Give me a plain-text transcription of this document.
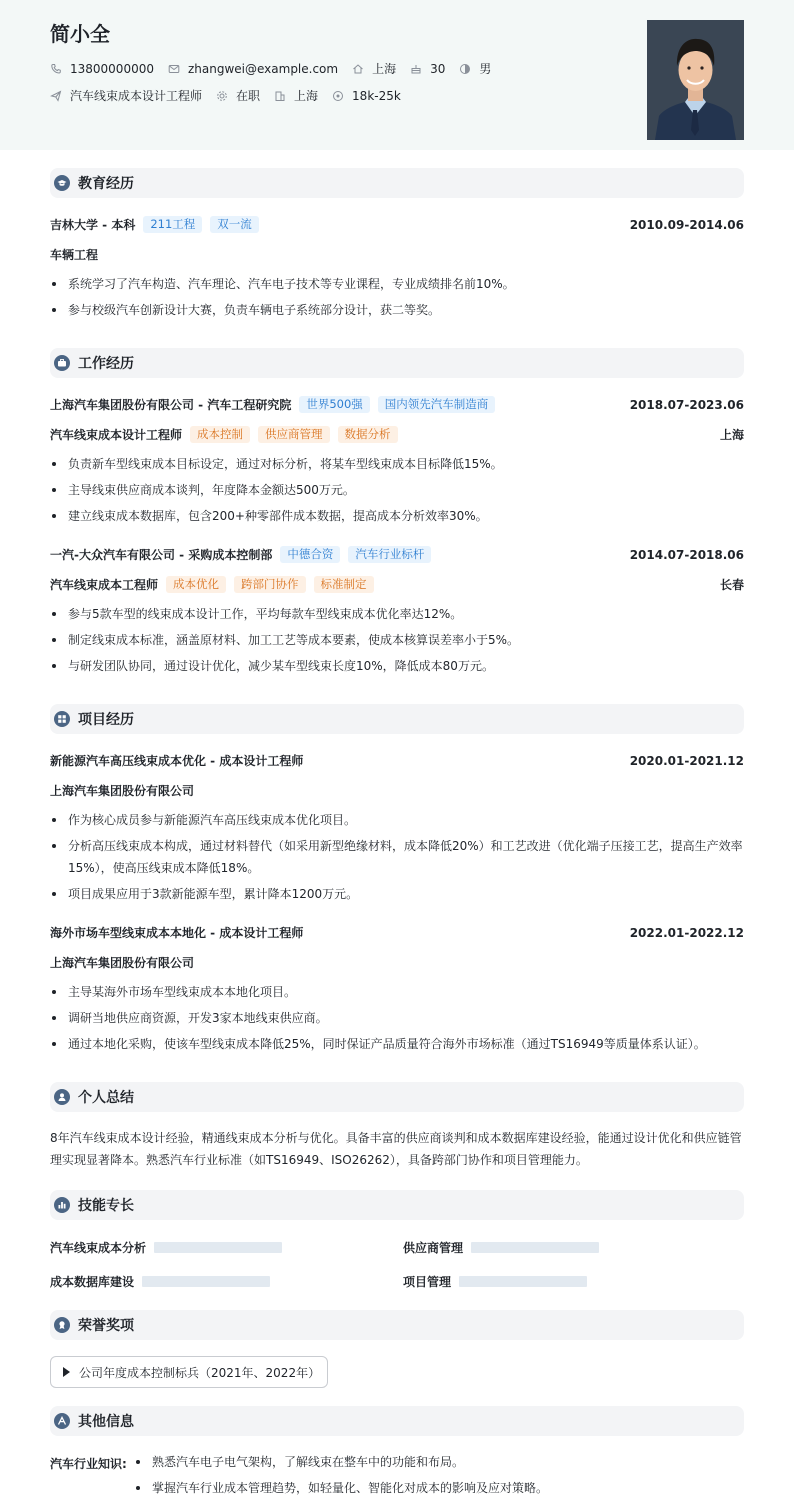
简小全
13800000000	zhangwei@example.com	上海	30	男
汽车线束成本设计工程师	在职	上海	18k-25k
教育经历
吉林大学 - 本科	211工程	双一流	2010.09-2014.06
车辆工程
系统学习了汽车构造、汽车理论、汽车电子技术等专业课程，专业成绩排名前10%。
参与校级汽车创新设计大赛，负责车辆电子系统部分设计，获二等奖。
工作经历
上海汽车集团股份有限公司 - 汽车工程研究院	世界500强	国内领先汽车制造商	2018.07-2023.06
汽车线束成本设计工程师	成本控制	供应商管理	数据分析	上海
负责新车型线束成本目标设定，通过对标分析，将某车型线束成本目标降低15%。
主导线束供应商成本谈判，年度降本金额达500万元。
建立线束成本数据库，包含200+种零部件成本数据，提高成本分析效率30%。
一汽-大众汽车有限公司 - 采购成本控制部	中德合资	汽车行业标杆	2014.07-2018.06
汽车线束成本工程师	成本优化	跨部门协作	标准制定	长春
参与5款车型的线束成本设计工作，平均每款车型线束成本优化率达12%。
制定线束成本标准，涵盖原材料、加工工艺等成本要素，使成本核算误差率小于5%。
与研发团队协同，通过设计优化，减少某车型线束长度10%，降低成本80万元。
项目经历
新能源汽车高压线束成本优化 - 成本设计工程师	2020.01-2021.12
上海汽车集团股份有限公司
作为核心成员参与新能源汽车高压线束成本优化项目。
分析高压线束成本构成，通过材料替代（如采用新型绝缘材料，成本降低20%）和工艺改进（优化端子压接工艺，提高生产效率15%），使高压线束成本降低18%。
项目成果应用于3款新能源车型，累计降本1200万元。
海外市场车型线束成本本地化 - 成本设计工程师	2022.01-2022.12
上海汽车集团股份有限公司
主导某海外市场车型线束成本本地化项目。
调研当地供应商资源，开发3家本地线束供应商。
通过本地化采购，使该车型线束成本降低25%，同时保证产品质量符合海外市场标准（通过TS16949等质量体系认证）。
个人总结
8年汽车线束成本设计经验，精通线束成本分析与优化。具备丰富的供应商谈判和成本数据库建设经验，能通过设计优化和供应链管理实现显著降本。熟悉汽车行业标准（如TS16949、ISO26262），具备跨部门协作和项目管理能力。
技能专长
汽车线束成本分析	供应商管理
成本数据库建设	项目管理
荣誉奖项
公司年度成本控制标兵（2021年、2022年）
其他信息
汽车行业知识:	熟悉汽车电子电气架构，了解线束在整车中的功能和布局。
掌握汽车行业成本管理趋势，如轻量化、智能化对成本的影响及应对策略。
